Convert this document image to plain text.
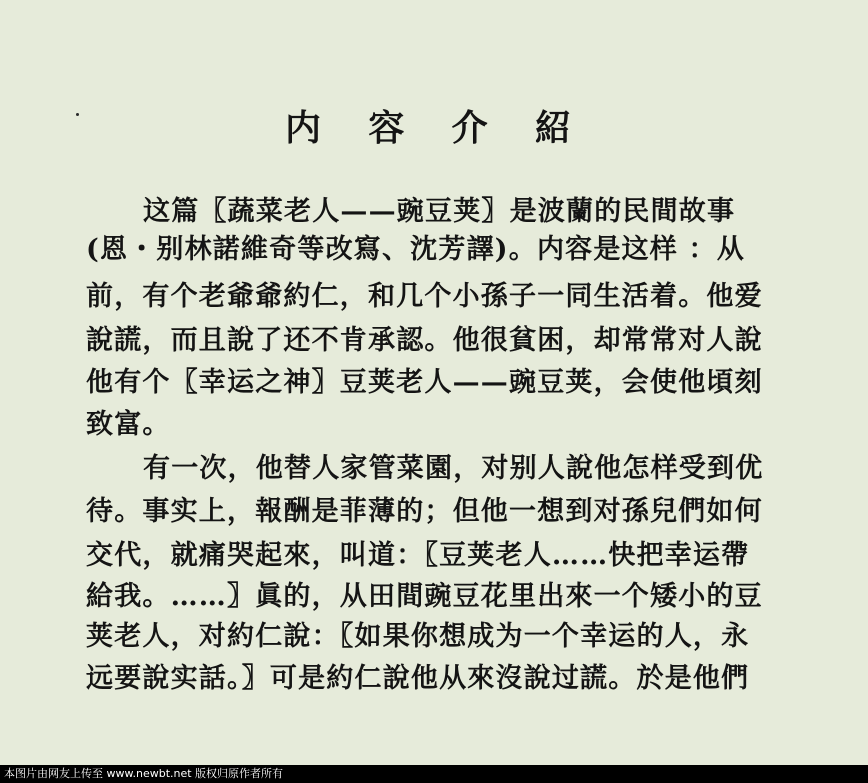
内 容 介 紹
这篇〖蔬菜老人——豌豆荚〗是波蘭的民間故事
(恩・别林諾維奇等改寫、沈芳譯)。内容是这样 ：从
前，有个老爺爺約仁，和几个小孫子一同生活着。他爱
說謊，而且說了还不肯承認。他很貧困，却常常对人說
他有个〖幸运之神〗豆荚老人——豌豆荚，会使他頃刻
致富。
有一次，他替人家管菜園，对别人說他怎样受到优
待。事实上，報酬是菲薄的；但他一想到对孫兒們如何
交代，就痛哭起來，叫道：〖豆荚老人……快把幸运帶
給我。……〗眞的，从田間豌豆花里出來一个矮小的豆
荚老人，对約仁說：〖如果你想成为一个幸运的人，永
远要說实話。〗可是約仁說他从來沒說过謊。於是他們
本图片由网友上传至 www.newbt.net 版权归原作者所有
